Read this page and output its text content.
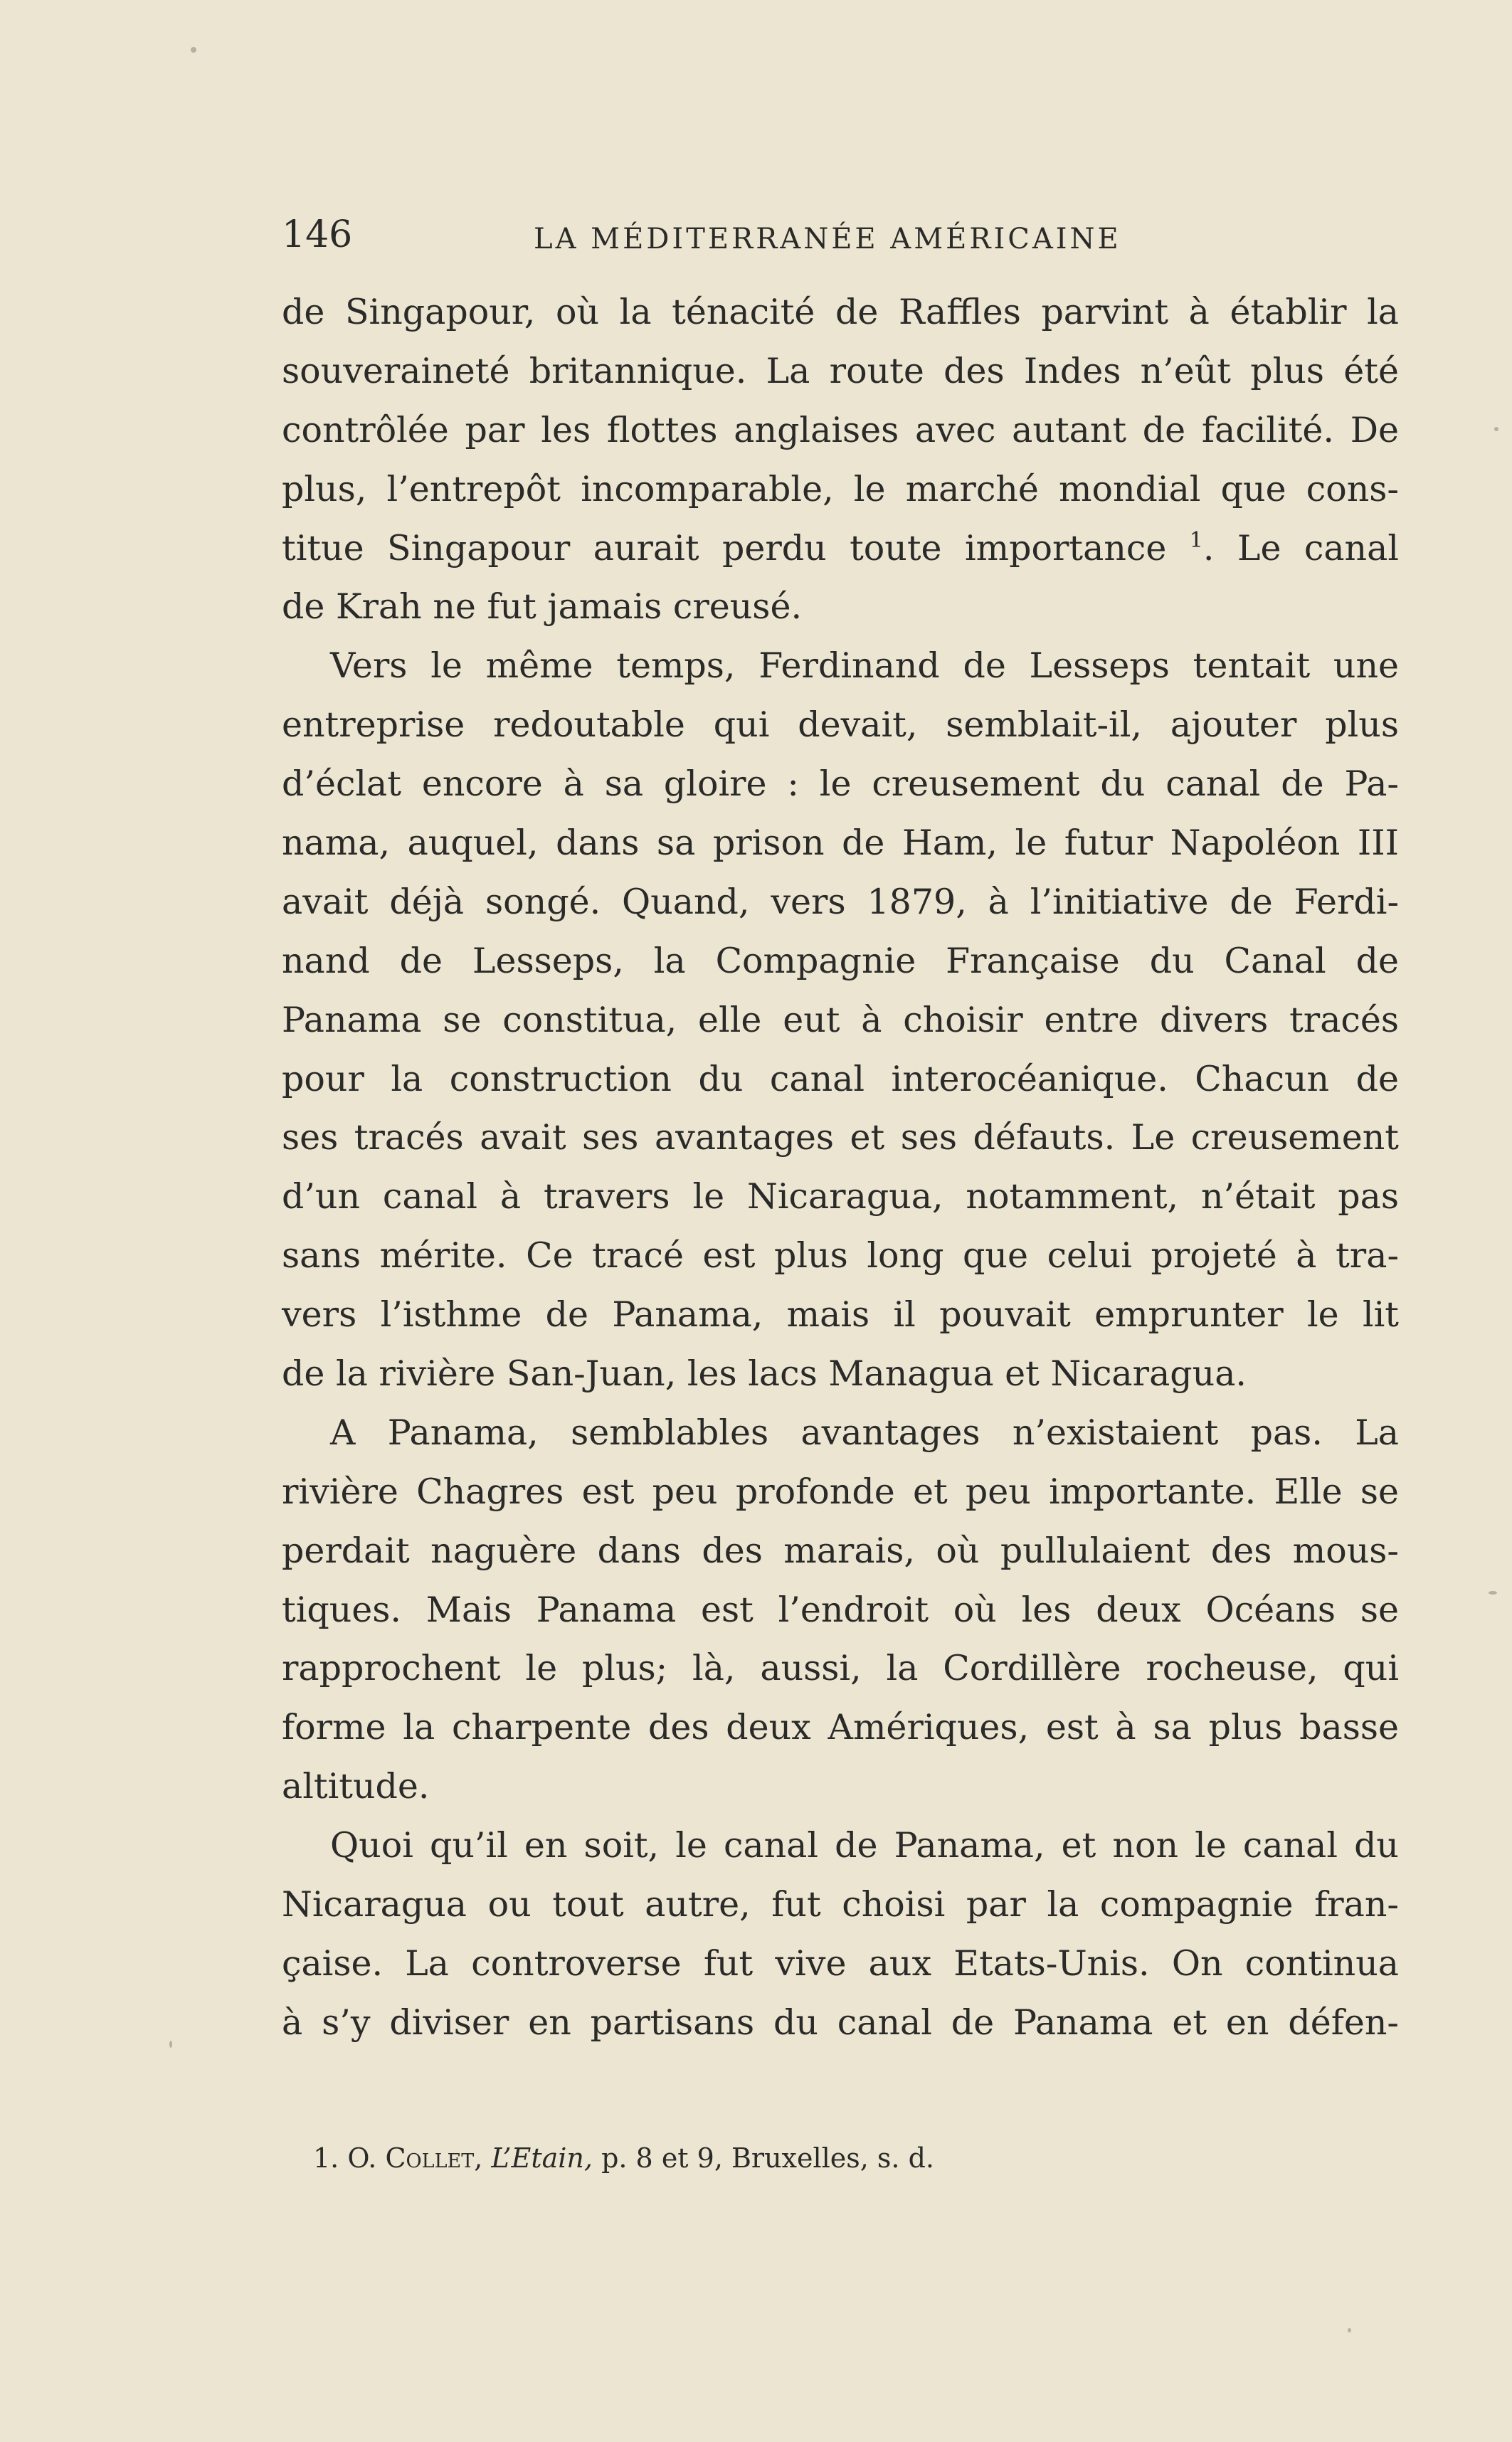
146	LA MÉDITERRANÉE AMÉRICAINE
de Singapour, où la ténacité de Raffles parvint à établir la
souveraineté britannique. La route des Indes n’eût plus été
contrôlée par les flottes anglaises avec autant de facilité. De
plus, l’entrepôt incomparable, le marché mondial que cons-
titue Singapour aurait perdu toute importance $^1$. Le canal
de Krah ne fut jamais creusé.
Vers le même temps, Ferdinand de Lesseps tentait une
entreprise redoutable qui devait, semblait-il, ajouter plus
d’éclat encore à sa gloire : le creusement du canal de Pa-
nama, auquel, dans sa prison de Ham, le futur Napoléon III
avait déjà songé. Quand, vers 1879, à l’initiative de Ferdi-
nand de Lesseps, la Compagnie Française du Canal de
Panama se constitua, elle eut à choisir entre divers tracés
pour la construction du canal interocéanique. Chacun de
ses tracés avait ses avantages et ses défauts. Le creusement
d’un canal à travers le Nicaragua, notamment, n’était pas
sans mérite. Ce tracé est plus long que celui projeté à tra-
vers l’isthme de Panama, mais il pouvait emprunter le lit
de la rivière San-Juan, les lacs Managua et Nicaragua.
A Panama, semblables avantages n’existaient pas. La
rivière Chagres est peu profonde et peu importante. Elle se
perdait naguère dans des marais, où pullulaient des mous-
tiques. Mais Panama est l’endroit où les deux Océans se
rapprochent le plus; là, aussi, la Cordillère rocheuse, qui
forme la charpente des deux Amériques, est à sa plus basse
altitude.
Quoi qu’il en soit, le canal de Panama, et non le canal du
Nicaragua ou tout autre, fut choisi par la compagnie fran-
çaise. La controverse fut vive aux Etats-Unis. On continua
à s’y diviser en partisans du canal de Panama et en défen-
1. O. Collet, L’Etain, p. 8 et 9, Bruxelles, s. d.
